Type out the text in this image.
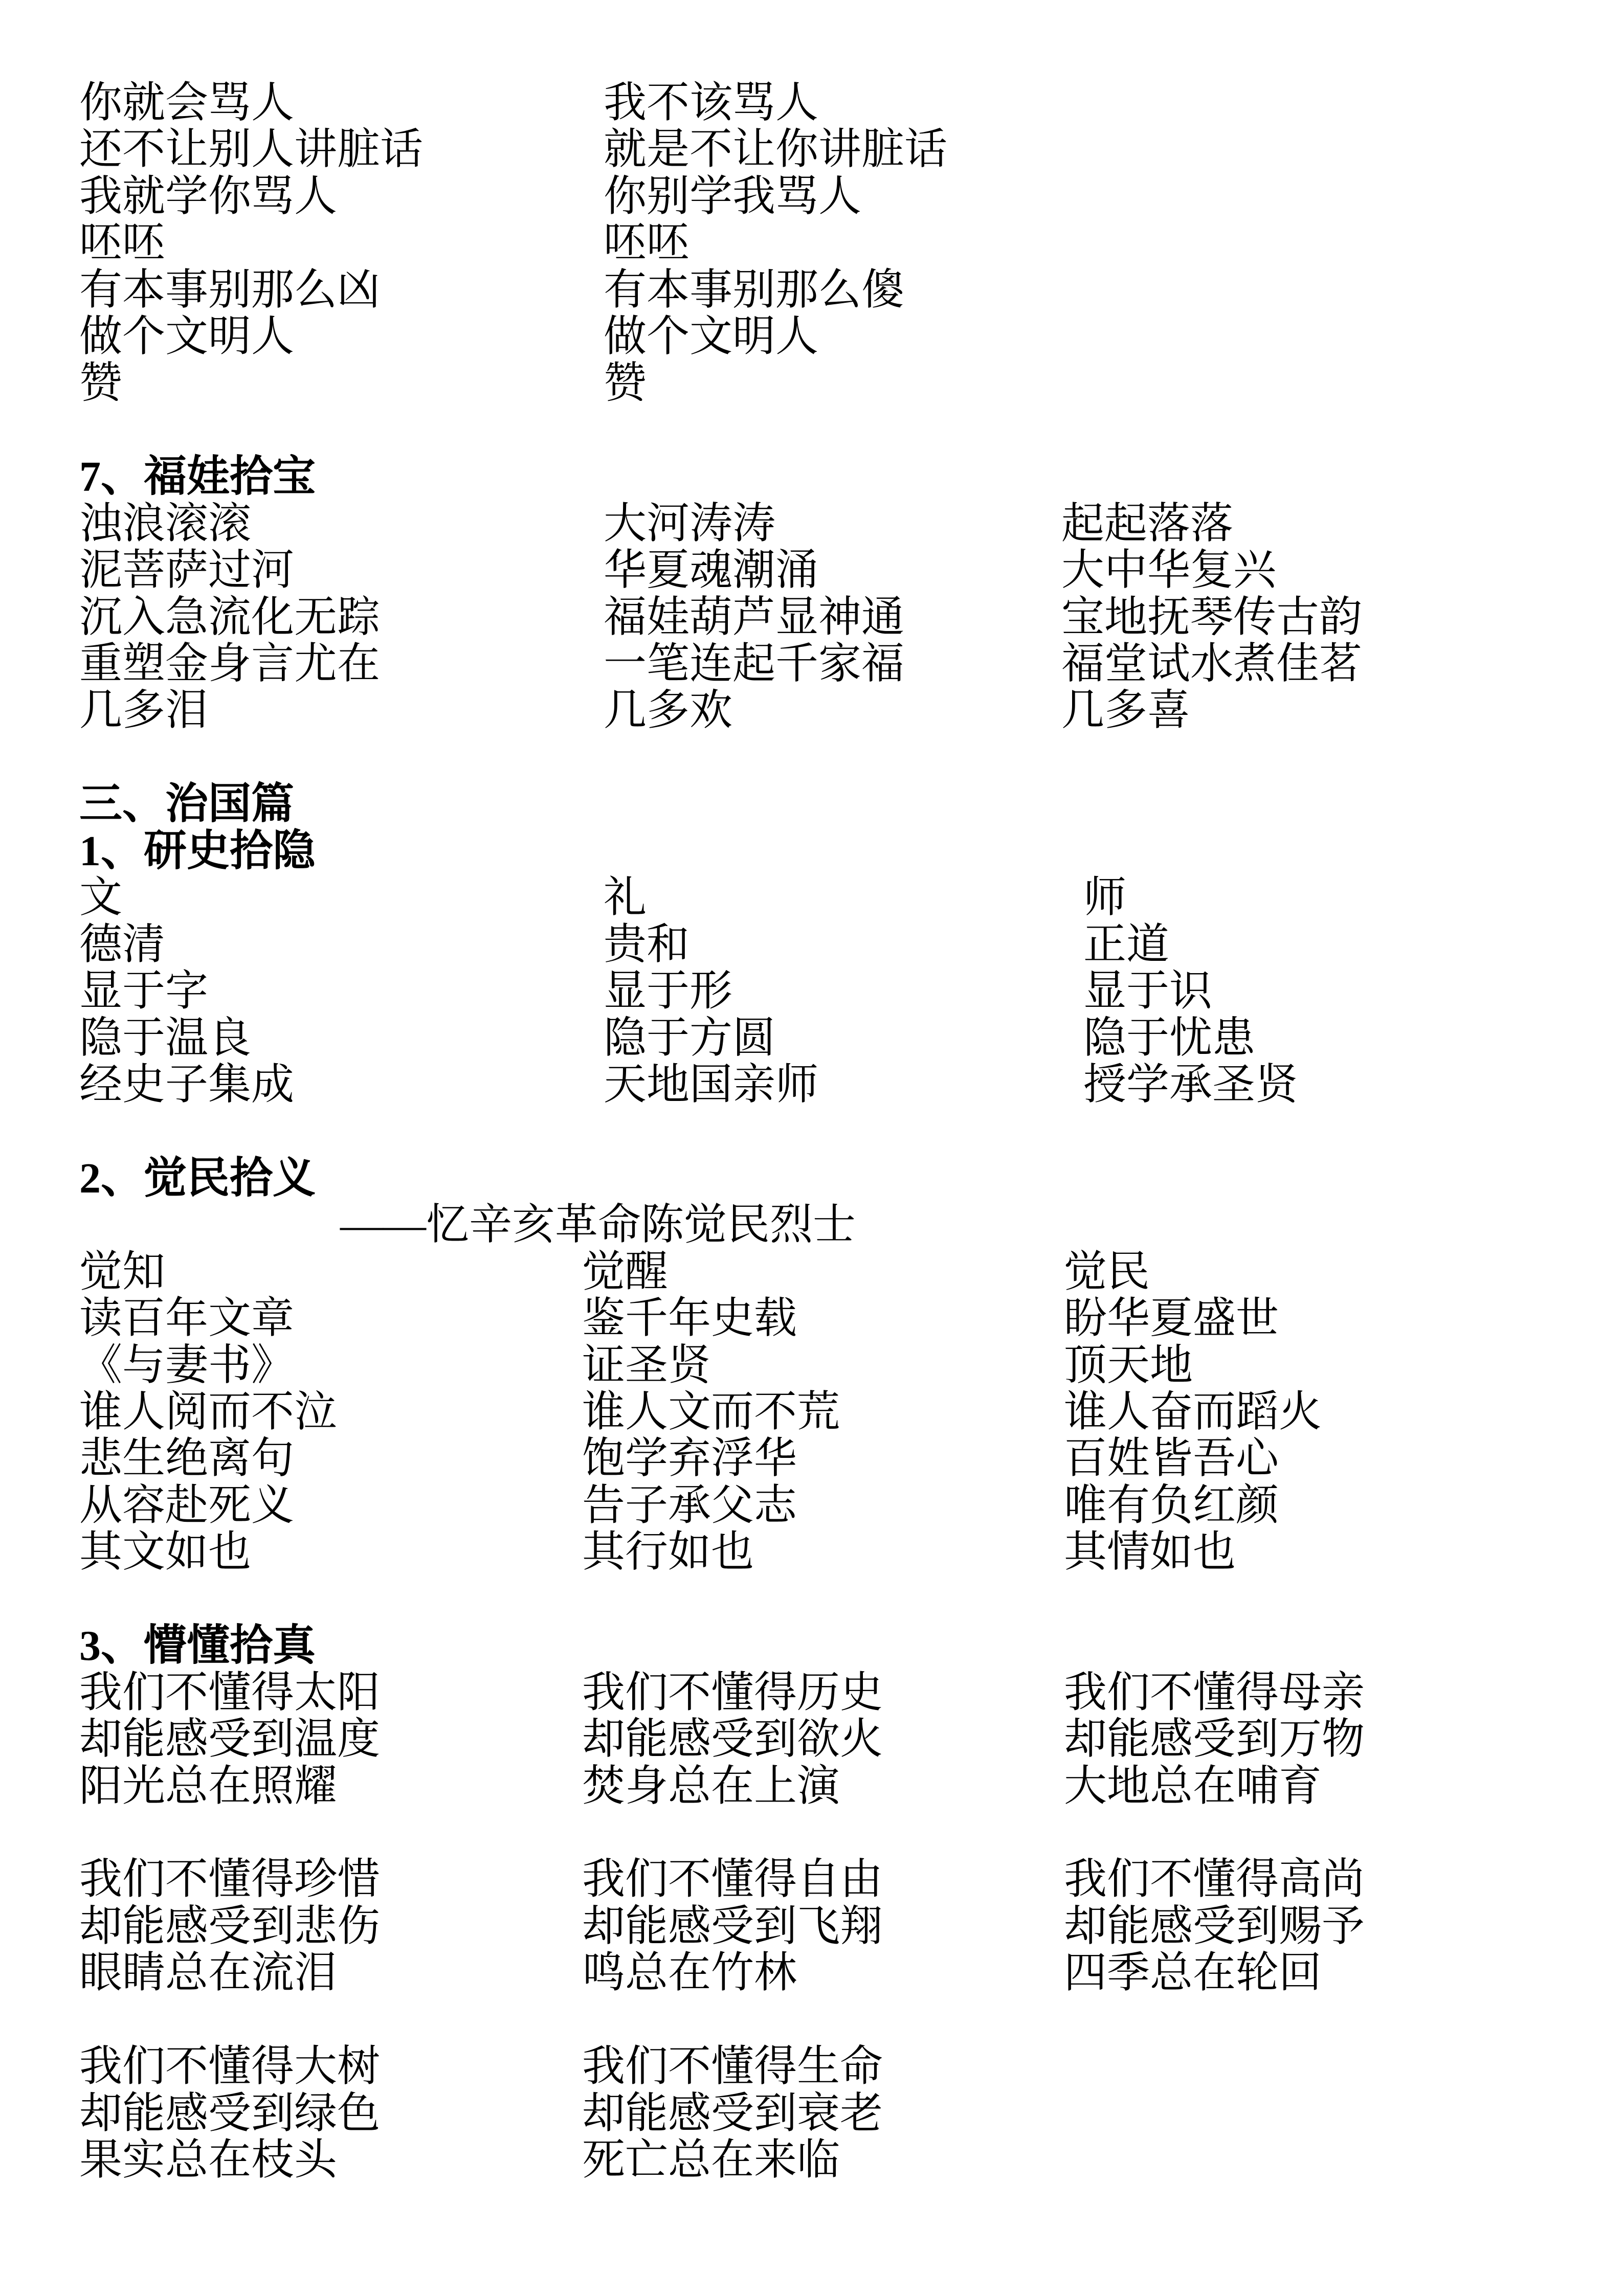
你就会骂人	我不该骂人
还不让别人讲脏话	就是不让你讲脏话
我就学你骂人	你别学我骂人
呸呸	呸呸
有本事别那么凶	有本事别那么傻
做个文明人	做个文明人
赞	赞
7、福娃拾宝
浊浪滚滚	大河涛涛	起起落落
泥菩萨过河	华夏魂潮涌	大中华复兴
沉入急流化无踪	福娃葫芦显神通	宝地抚琴传古韵
重塑金身言尤在	一笔连起千家福	福堂试水煮佳茗
几多泪	几多欢	几多喜
三、治国篇
1、研史拾隐
文	礼	师
德清	贵和	正道
显于字	显于形	显于识
隐于温良	隐于方圆	隐于忧患
经史子集成	天地国亲师	授学承圣贤
2、觉民拾义
——忆辛亥革命陈觉民烈士
觉知	觉醒	觉民
读百年文章	鉴千年史载	盼华夏盛世
《与妻书》	证圣贤	顶天地
谁人阅而不泣	谁人文而不荒	谁人奋而蹈火
悲生绝离句	饱学弃浮华	百姓皆吾心
从容赴死义	告子承父志	唯有负红颜
其文如也	其行如也	其情如也
3、懵懂拾真
我们不懂得太阳	我们不懂得历史	我们不懂得母亲
却能感受到温度	却能感受到欲火	却能感受到万物
阳光总在照耀	焚身总在上演	大地总在哺育
我们不懂得珍惜	我们不懂得自由	我们不懂得高尚
却能感受到悲伤	却能感受到飞翔	却能感受到赐予
眼睛总在流泪	鸣总在竹林	四季总在轮回
我们不懂得大树	我们不懂得生命
却能感受到绿色	却能感受到衰老
果实总在枝头	死亡总在来临
